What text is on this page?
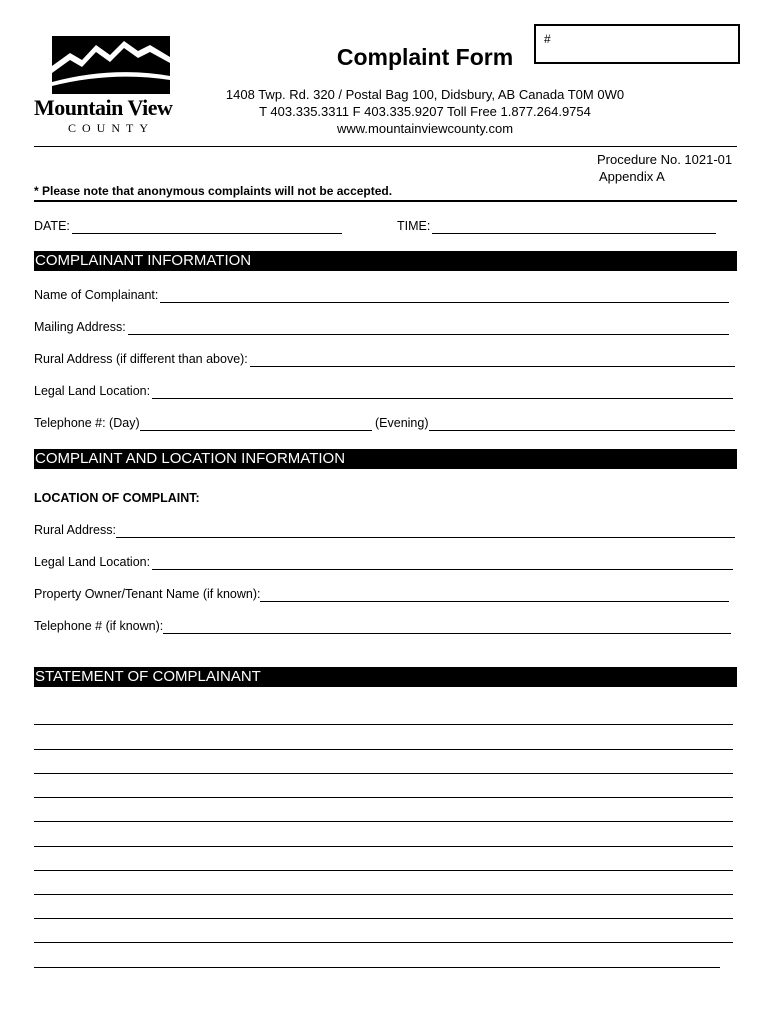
Mountain View
COUNTY
Complaint Form
#
1408 Twp. Rd. 320 / Postal Bag 100, Didsbury, AB Canada T0M 0W0
T 403.335.3311 F 403.335.9207 Toll Free 1.877.264.9754
www.mountainviewcounty.com
Procedure No. 1021-01
Appendix A
* Please note that anonymous complaints will not be accepted.
DATE:	TIME:
COMPLAINANT INFORMATION
Name of Complainant:
Mailing Address:
Rural Address (if different than above):
Legal Land Location:
Telephone #: (Day)	(Evening)
COMPLAINT AND LOCATION INFORMATION
LOCATION OF COMPLAINT:
Rural Address:
Legal Land Location:
Property Owner/Tenant Name (if known):
Telephone # (if known):
STATEMENT OF COMPLAINANT
